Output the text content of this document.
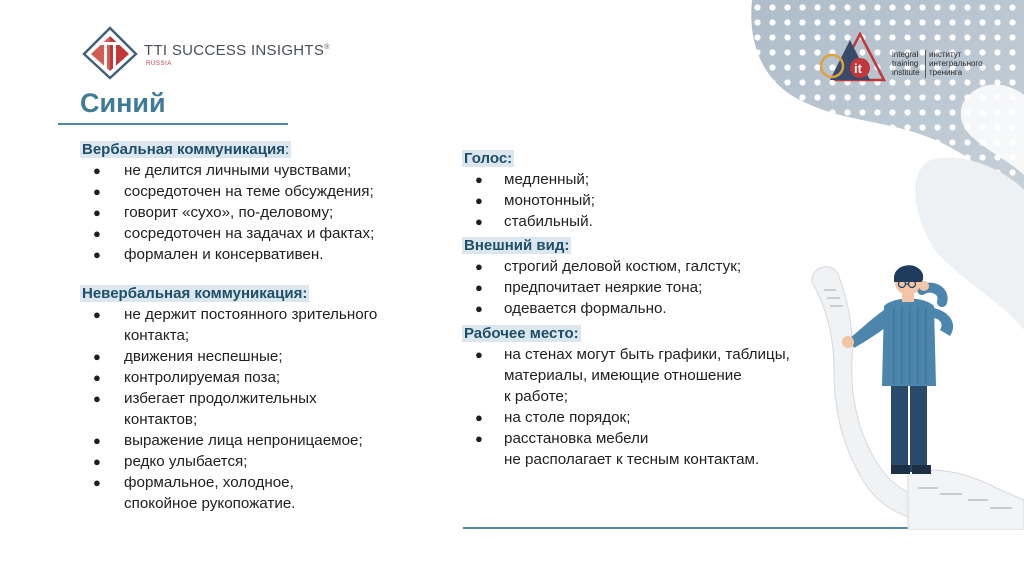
TTI SUCCESS INSIGHTS®
RUSSIA	it
integral
training
institute
институт
интегрального
тренинга
Синий
Вербальная коммуникация:
● не делится личными чувствами;
● сосредоточен на теме обсуждения;
● говорит «сухо», по-деловому;
● сосредоточен на задачах и фактах;
● формален и консервативен.
Невербальная коммуникация:
● не держит постоянного зрительного
контакта;
● движения неспешные;
● контролируемая поза;
● избегает продолжительных
контактов;
● выражение лица непроницаемое;
● редко улыбается;
● формальное, холодное,
спокойное рукопожатие.
Голос:
● медленный;
● монотонный;
● стабильный.
Внешний вид:
● строгий деловой костюм, галстук;
● предпочитает неяркие тона;
● одевается формально.
Рабочее место:
● на стенах могут быть графики, таблицы,
материалы, имеющие отношение
к работе;
● на столе порядок;
● расстановка мебели
не располагает к тесным контактам.
